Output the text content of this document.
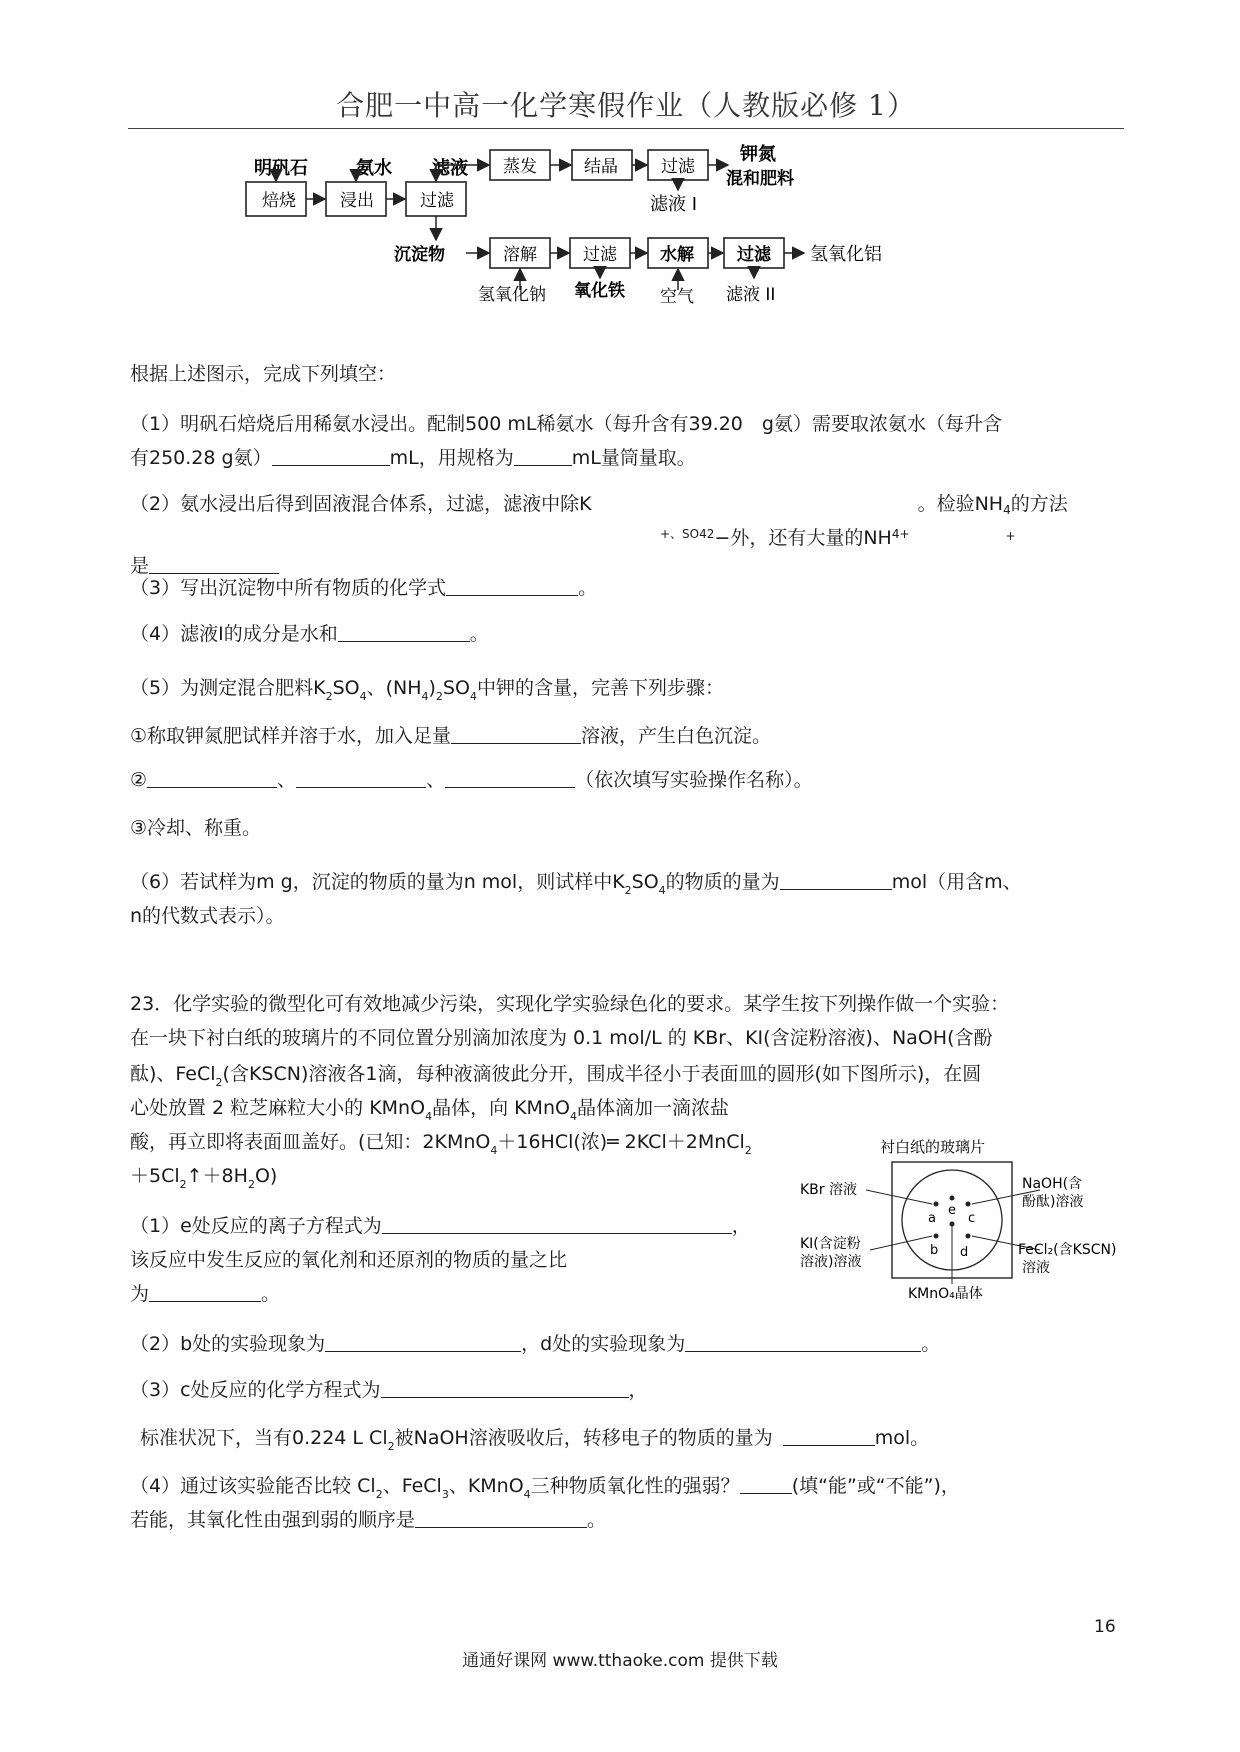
合肥一中高一化学寒假作业（人教版必修 1）
明矾石	氨水 滤液
焙烧	浸出	过滤
蒸发	结晶	过滤
钾氮
混和肥料
滤液 I
沉淀物	溶解	过滤	水解	过滤 氢氧化铝
氢氧化钠 氧化铁 空气 滤液 II
根据上述图示，完成下列填空：
（1）明矾石焙烧后用稀氨水浸出。配制500 mL稀氨水（每升含有39.20　g氨）需要取浓氨水（每升含
有250.28 g氨）	mL，用规格为	mL量筒量取。
（2）氨水浸出后得到固液混合体系，过滤，滤液中除K	。检验$NH_4$的方法
$^{+、SO42}$−外，还有大量的$NH^{4+}$	+
是
（3）写出沉淀物中所有物质的化学式	。
（4）滤液I的成分是水和	。
（5）为测定混合肥料$K_2SO_4$、$(NH_4)_2SO_4$中钾的含量，完善下列步骤：
①称取钾氮肥试样并溶于水，加入足量	溶液，产生白色沉淀。
②	、	、	（依次填写实验操作名称）。
③冷却、称重。
（6）若试样为m g，沉淀的物质的量为n mol，则试样中$K_2SO_4$的物质的量为	mol（用含m、
n的代数式表示）。
23．化学实验的微型化可有效地减少污染，实现化学实验绿色化的要求。某学生按下列操作做一个实验：
在一块下衬白纸的玻璃片的不同位置分别滴加浓度为 0.1 mol/L 的 KBr、KI(含淀粉溶液)、NaOH(含酚
酞)、FeCl$_2$(含KSCN)溶液各1滴，每种液滴彼此分开，围成半径小于表面皿的圆形(如下图所示)，在圆
心处放置 2 粒芝麻粒大小的 KMnO$_4$晶体，向 KMnO$_4$晶体滴加一滴浓盐
酸，再立即将表面皿盖好。(已知：2KMnO$_4$＋16HCl(浓)═ 2KCl＋2MnCl$_2$
$+5Cl_2↑+8H_2O$)
（1）e处反应的离子方程式为	，
该反应中发生反应的氧化剂和还原剂的物质的量之比
为	。
（2）b处的实验现象为	，d处的实验现象为	。
（3）c处反应的化学方程式为	，
标准状况下，当有0.224 L $Cl_2$被NaOH溶液吸收后，转移电子的物质的量为	mol。
（4）通过该实验能否比较 $Cl_2$、FeCl$_3$、KMnO$_4$三种物质氧化性的强弱？	(填“能”或“不能”)，
若能，其氧化性由强到弱的顺序是	。
衬白纸的玻璃片
a
e
c
b d
KBr 溶液	NaOH(含
酚酞)溶液
KI(含淀粉
溶液)溶液
FeCl₂(含KSCN)
溶液
KMnO₄晶体
16
通通好课网 www.tthaoke.com 提供下载
